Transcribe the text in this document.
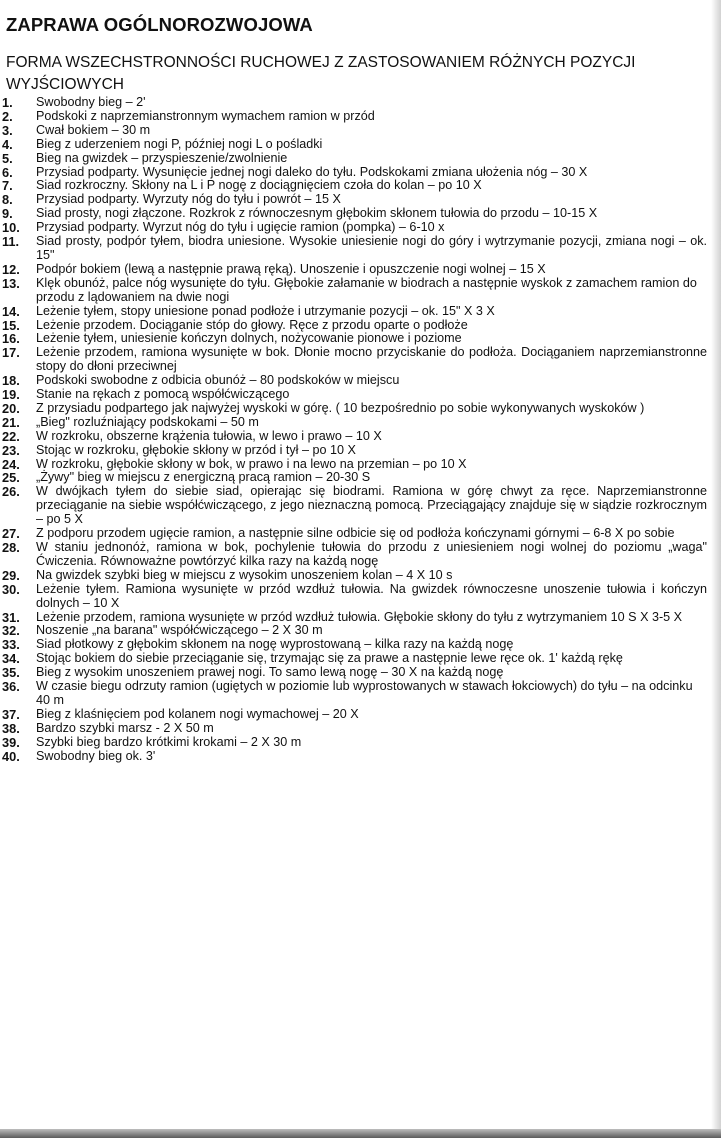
ZAPRAWA OGÓLNOROZWOJOWA

FORMA WSZECHSTRONNOŚCI RUCHOWEJ Z ZASTOSOWANIEM RÓŻNYCH POZYCJI WYJŚCIOWYCH

1. Swobodny bieg – 2'
2. Podskoki z naprzemianstronnym wymachem ramion w przód
3. Cwał bokiem – 30 m
4. Bieg z uderzeniem nogi P, później nogi L o pośladki
5. Bieg na gwizdek – przyspieszenie/zwolnienie
6. Przysiad podparty. Wysunięcie jednej nogi daleko do tyłu. Podskokami zmiana ułożenia nóg – 30 X
7. Siad rozkroczny. Skłony na L i P nogę z dociągnięciem czoła do kolan – po 10 X
8. Przysiad podparty. Wyrzuty nóg do tyłu i powrót – 15 X
9. Siad prosty, nogi złączone. Rozkrok z równoczesnym głębokim skłonem tułowia do przodu – 10-15 X
10. Przysiad podparty. Wyrzut nóg do tyłu i ugięcie ramion (pompka) – 6-10 x
11. Siad prosty, podpór tyłem, biodra uniesione. Wysokie uniesienie nogi do góry i wytrzymanie pozycji, zmiana nogi – ok. 15"
12. Podpór bokiem (lewą a następnie prawą ręką). Unoszenie i opuszczenie nogi wolnej – 15 X
13. Klęk obunóż, palce nóg wysunięte do tyłu. Głębokie załamanie w biodrach a następnie wyskok z zamachem ramion do przodu z lądowaniem na dwie nogi
14. Leżenie tyłem, stopy uniesione ponad podłoże i utrzymanie pozycji – ok. 15" X 3 X
15. Leżenie przodem. Dociąganie stóp do głowy. Ręce z przodu oparte o podłoże
16. Leżenie tyłem, uniesienie kończyn dolnych, nożycowanie pionowe i poziome
17. Leżenie przodem, ramiona wysunięte w bok. Dłonie mocno przyciskanie do podłoża. Dociąganiem naprzemianstronne stopy do dłoni przeciwnej
18. Podskoki swobodne z odbicia obunóż – 80 podskoków w miejscu
19. Stanie na rękach z pomocą współćwiczącego
20. Z przysiadu podpartego jak najwyżej wyskoki w górę. ( 10 bezpośrednio po sobie wykonywanych wyskoków )
21. „Bieg" rozluźniający podskokami – 50 m
22. W rozkroku, obszerne krążenia tułowia, w lewo i prawo – 10 X
23. Stojąc w rozkroku, głębokie skłony w przód i tył – po 10 X
24. W rozkroku, głębokie skłony w bok, w prawo i na lewo na przemian – po 10 X
25. „Żywy" bieg w miejscu z energiczną pracą ramion – 20-30 S
26. W dwójkach tyłem do siebie siad, opierając się biodrami. Ramiona w górę chwyt za ręce. Naprzemianstronne przeciąganie na siebie współćwiczącego, z jego nieznaczną pomocą. Przeciągający znajduje się w siądzie rozkrocznym – po 5 X
27. Z podporu przodem ugięcie ramion, a następnie silne odbicie się od podłoża kończynami górnymi – 6-8 X po sobie
28. W staniu jednonóż, ramiona w bok, pochylenie tułowia do przodu z uniesieniem nogi wolnej do poziomu „waga" Ćwiczenia. Równoważne powtórzyć kilka razy na każdą nogę
29. Na gwizdek szybki bieg w miejscu z wysokim unoszeniem kolan – 4 X 10 s
30. Leżenie tyłem. Ramiona wysunięte w przód wzdłuż tułowia. Na gwizdek równoczesne unoszenie tułowia i kończyn dolnych – 10 X
31. Leżenie przodem, ramiona wysunięte w przód wzdłuż tułowia. Głębokie skłony do tyłu z wytrzymaniem 10 S X 3-5 X
32. Noszenie „na barana" współćwiczącego – 2 X 30 m
33. Siad płotkowy z głębokim skłonem na nogę wyprostowaną – kilka razy na każdą nogę
34. Stojąc bokiem do siebie przeciąganie się, trzymając się za prawe a następnie lewe ręce ok. 1' każdą rękę
35. Bieg z wysokim unoszeniem prawej nogi. To samo lewą nogę – 30 X na każdą nogę
36. W czasie biegu odrzuty ramion (ugiętych w poziomie lub wyprostowanych w stawach łokciowych) do tyłu – na odcinku 40 m
37. Bieg z klaśnięciem pod kolanem nogi wymachowej – 20 X
38. Bardzo szybki marsz - 2 X 50 m
39. Szybki bieg bardzo krótkimi krokami – 2 X 30 m
40. Swobodny bieg ok. 3'
